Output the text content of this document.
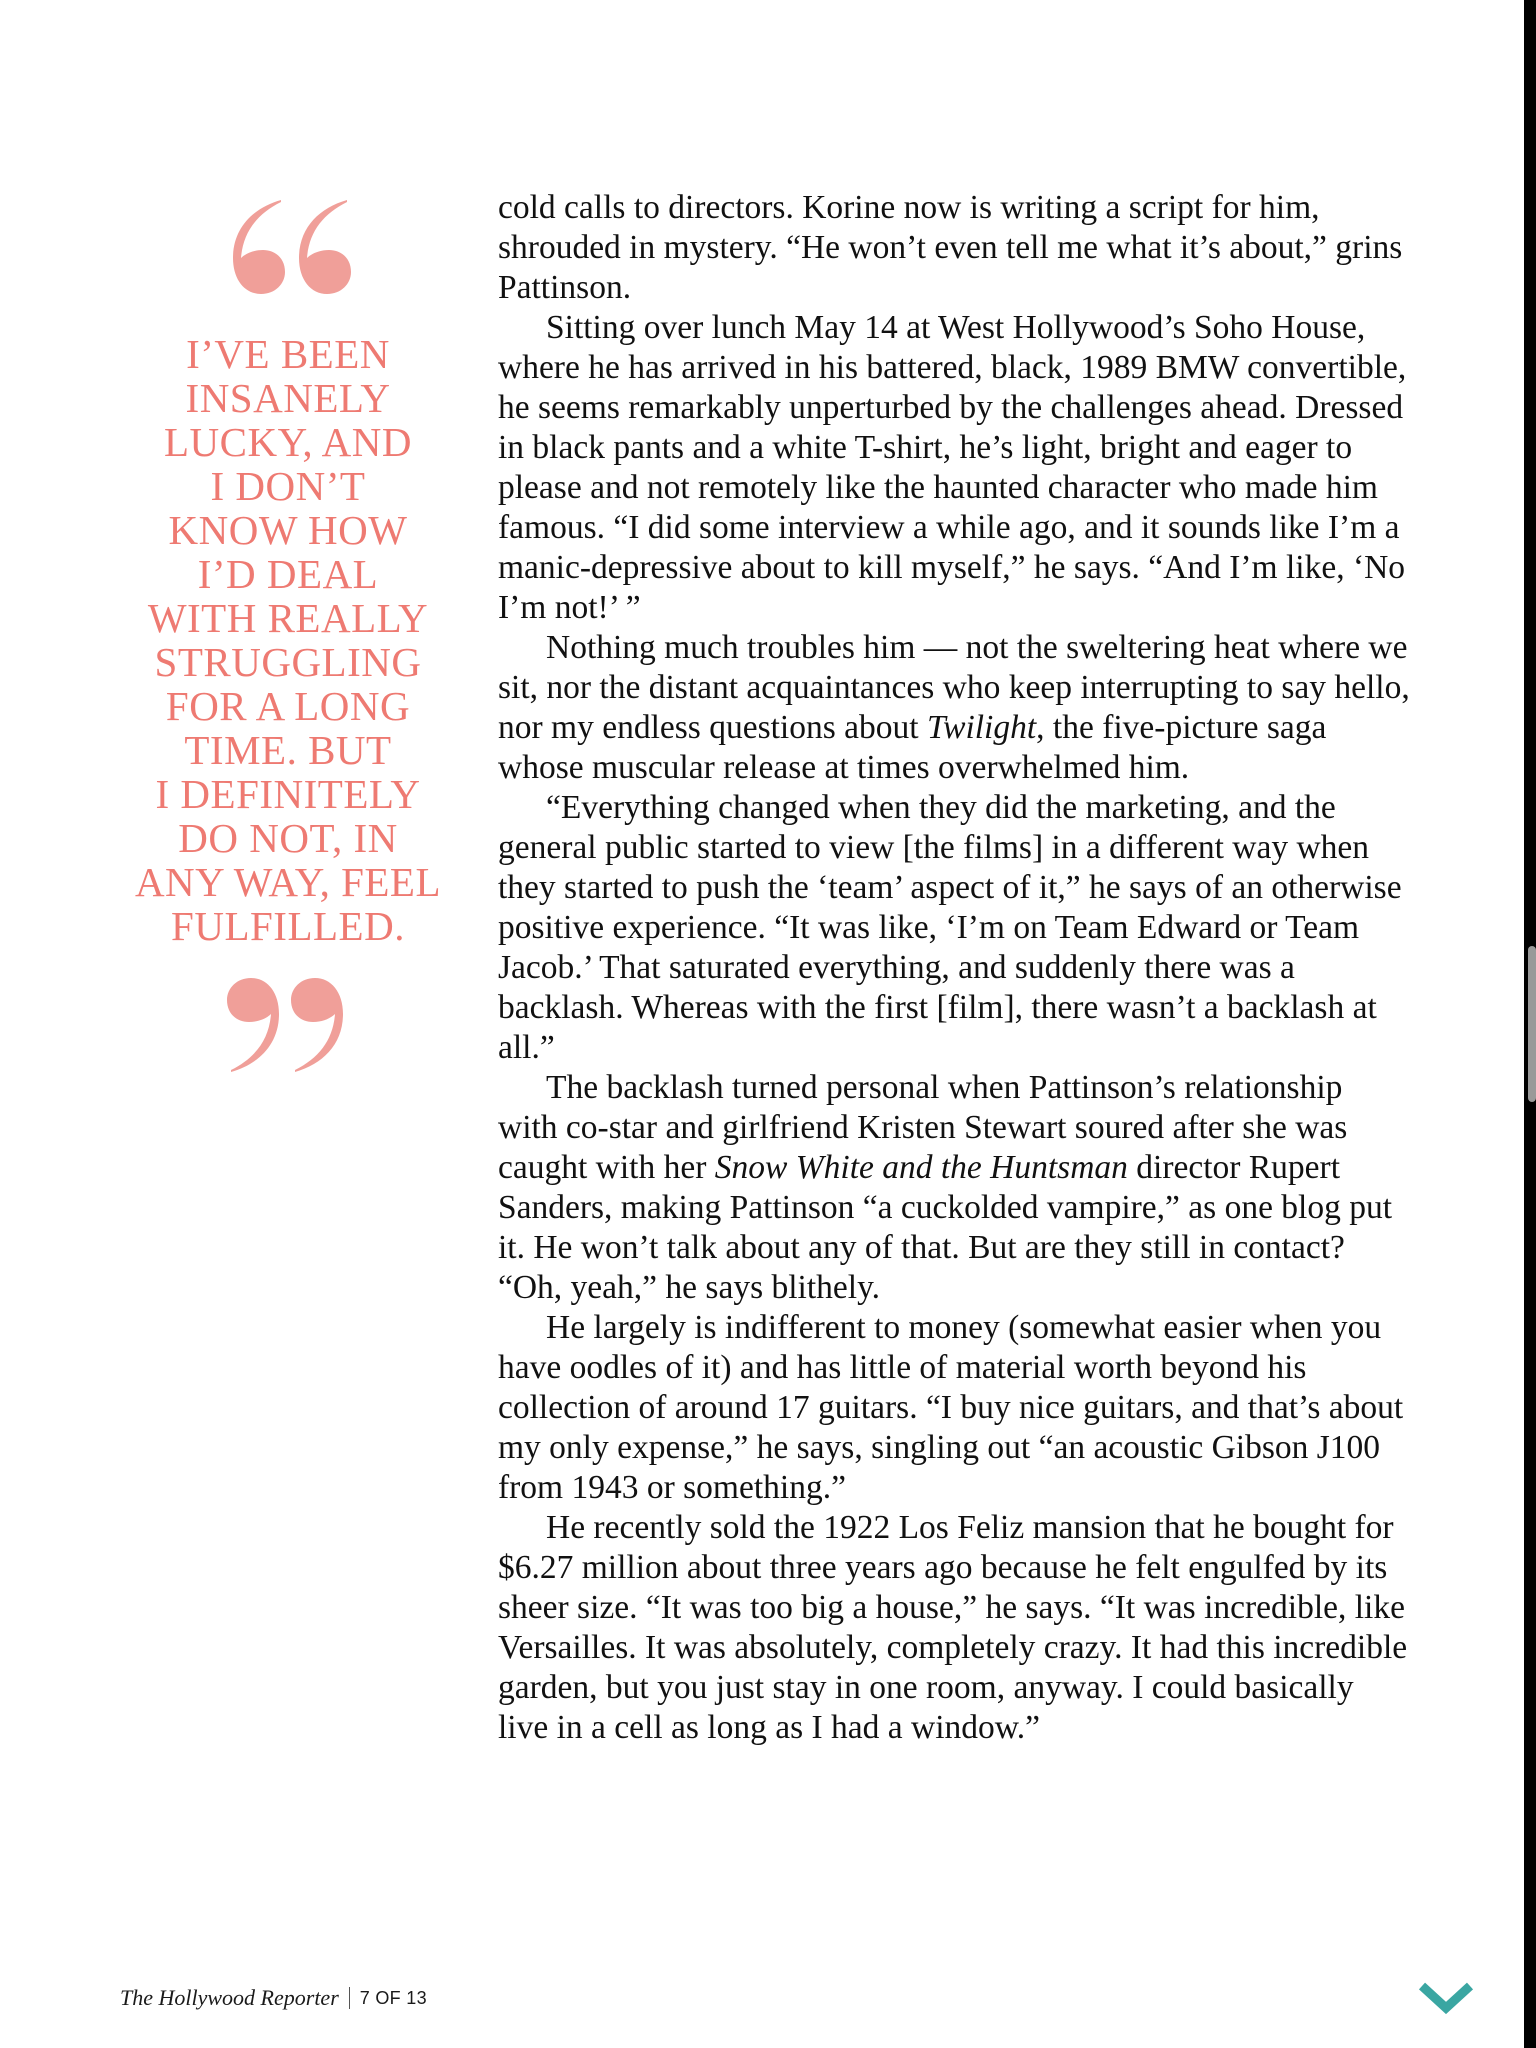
I’VE BEEN
INSANELY
LUCKY, AND
I DON’T
KNOW HOW
I’D DEAL
WITH REALLY
STRUGGLING
FOR A LONG
TIME. BUT
I DEFINITELY
DO NOT, IN
ANY WAY, FEEL
FULFILLED.

cold calls to directors. Korine now is writing a script for him, shrouded in mystery. “He won’t even tell me what it’s about,” grins Pattinson.

Sitting over lunch May 14 at West Hollywood’s Soho House, where he has arrived in his battered, black, 1989 BMW convertible, he seems remarkably unperturbed by the challenges ahead. Dressed in black pants and a white T-shirt, he’s light, bright and eager to please and not remotely like the haunted character who made him famous. “I did some interview a while ago, and it sounds like I’m a manic-depressive about to kill myself,” he says. “And I’m like, ‘No I’m not!’ ”

Nothing much troubles him — not the sweltering heat where we sit, nor the distant acquaintances who keep interrupting to say hello, nor my endless questions about Twilight, the five-picture saga whose muscular release at times overwhelmed him.

“Everything changed when they did the marketing, and the general public started to view [the films] in a different way when they started to push the ‘team’ aspect of it,” he says of an otherwise positive experience. “It was like, ‘I’m on Team Edward or Team Jacob.’ That saturated everything, and suddenly there was a backlash. Whereas with the first [film], there wasn’t a backlash at all.”

The backlash turned personal when Pattinson’s relationship with co-star and girlfriend Kristen Stewart soured after she was caught with her Snow White and the Huntsman director Rupert Sanders, making Pattinson “a cuckolded vampire,” as one blog put it. He won’t talk about any of that. But are they still in contact? “Oh, yeah,” he says blithely.

He largely is indifferent to money (somewhat easier when you have oodles of it) and has little of material worth beyond his collection of around 17 guitars. “I buy nice guitars, and that’s about my only expense,” he says, singling out “an acoustic Gibson J100 from 1943 or something.”

He recently sold the 1922 Los Feliz mansion that he bought for $6.27 million about three years ago because he felt engulfed by its sheer size. “It was too big a house,” he says. “It was incredible, like Versailles. It was absolutely, completely crazy. It had this incredible garden, but you just stay in one room, anyway. I could basically live in a cell as long as I had a window.”

The Hollywood Reporter 7 OF 13
